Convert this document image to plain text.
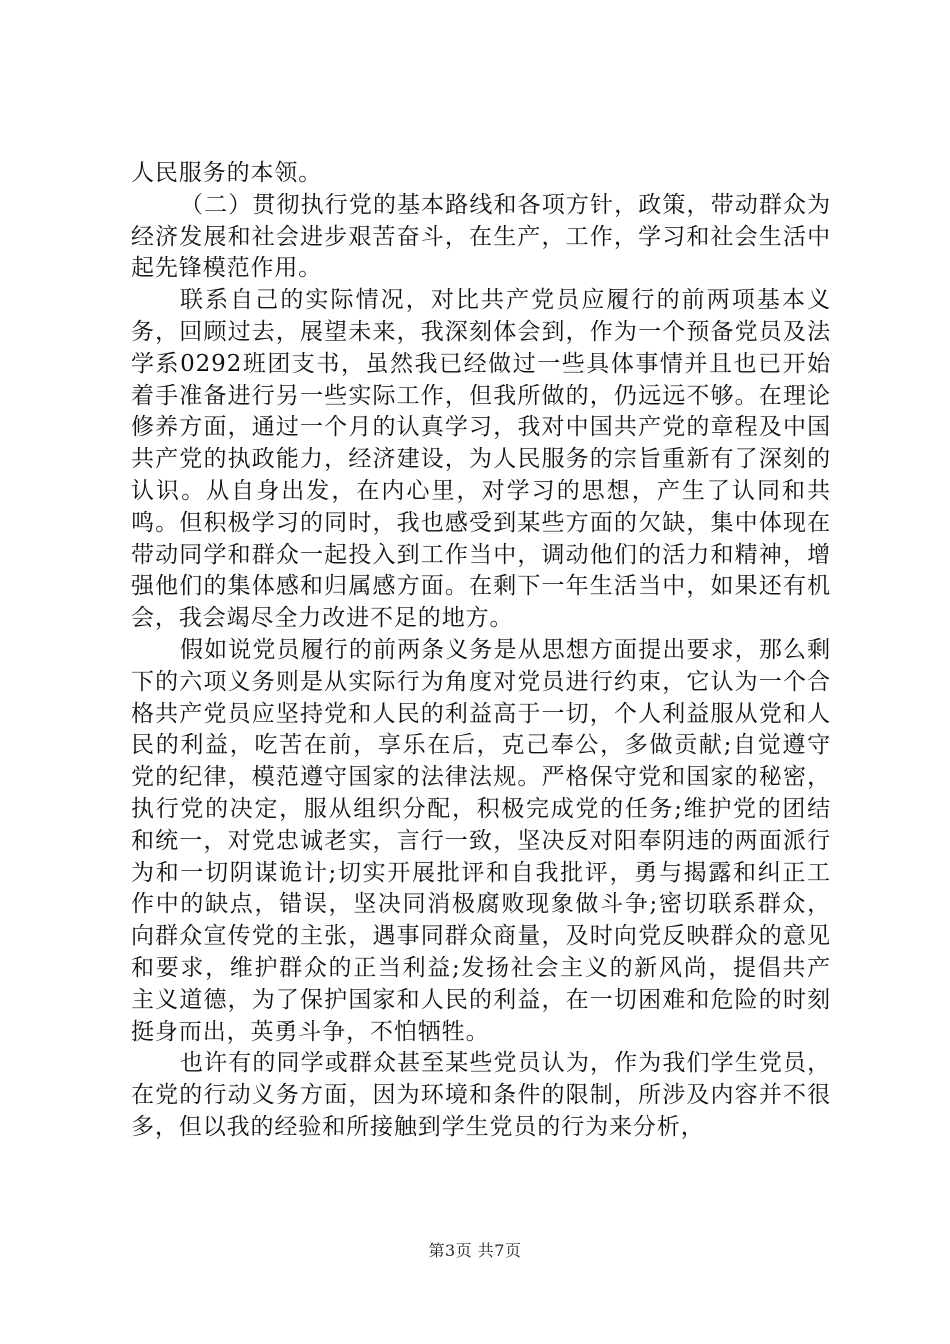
人民服务的本领。

（二）贯彻执行党的基本路线和各项方针，政策，带动群众为经济发展和社会进步艰苦奋斗，在生产，工作，学习和社会生活中起先锋模范作用。

联系自己的实际情况，对比共产党员应履行的前两项基本义务，回顾过去，展望未来，我深刻体会到，作为一个预备党员及法学系0292班团支书，虽然我已经做过一些具体事情并且也已开始着手准备进行另一些实际工作，但我所做的，仍远远不够。在理论修养方面，通过一个月的认真学习，我对中国共产党的章程及中国共产党的执政能力，经济建设，为人民服务的宗旨重新有了深刻的认识。从自身出发，在内心里，对学习的思想，产生了认同和共鸣。但积极学习的同时，我也感受到某些方面的欠缺，集中体现在带动同学和群众一起投入到工作当中，调动他们的活力和精神，增强他们的集体感和归属感方面。在剩下一年生活当中，如果还有机会，我会竭尽全力改进不足的地方。

假如说党员履行的前两条义务是从思想方面提出要求，那么剩下的六项义务则是从实际行为角度对党员进行约束，它认为一个合格共产党员应坚持党和人民的利益高于一切，个人利益服从党和人民的利益，吃苦在前，享乐在后，克己奉公，多做贡献;自觉遵守党的纪律，模范遵守国家的法律法规。严格保守党和国家的秘密，执行党的决定，服从组织分配，积极完成党的任务;维护党的团结和统一，对党忠诚老实，言行一致，坚决反对阳奉阴违的两面派行为和一切阴谋诡计;切实开展批评和自我批评，勇与揭露和纠正工作中的缺点，错误，坚决同消极腐败现象做斗争;密切联系群众，向群众宣传党的主张，遇事同群众商量，及时向党反映群众的意见和要求，维护群众的正当利益;发扬社会主义的新风尚，提倡共产主义道德，为了保护国家和人民的利益，在一切困难和危险的时刻挺身而出，英勇斗争，不怕牺牲。

也许有的同学或群众甚至某些党员认为，作为我们学生党员，在党的行动义务方面，因为环境和条件的限制，所涉及内容并不很多，但以我的经验和所接触到学生党员的行为来分析，

第3页 共7页
